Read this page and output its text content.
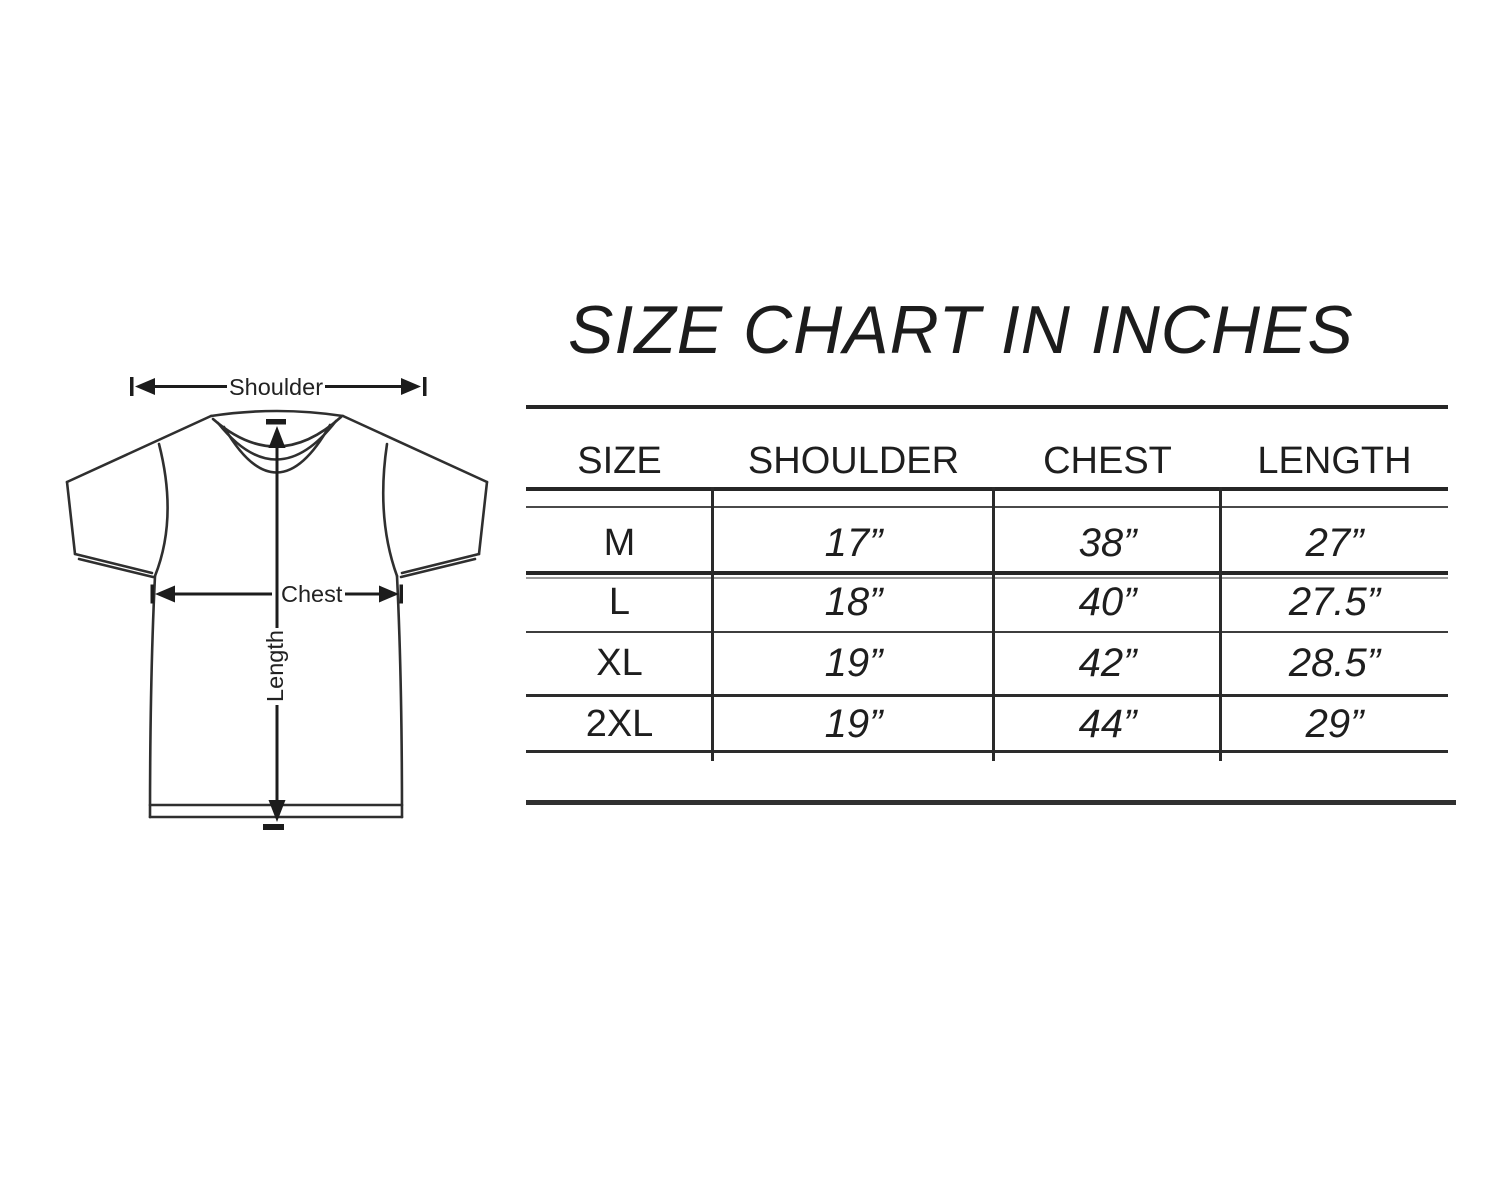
SIZE CHART IN INCHES
Shoulder
Length
Chest
SIZE	SHOULDER	CHEST	LENGTH
M	17”	38”	27”
L	18”	40”	27.5”
XL	19”	42”	28.5”
2XL	19”	44”	29”
